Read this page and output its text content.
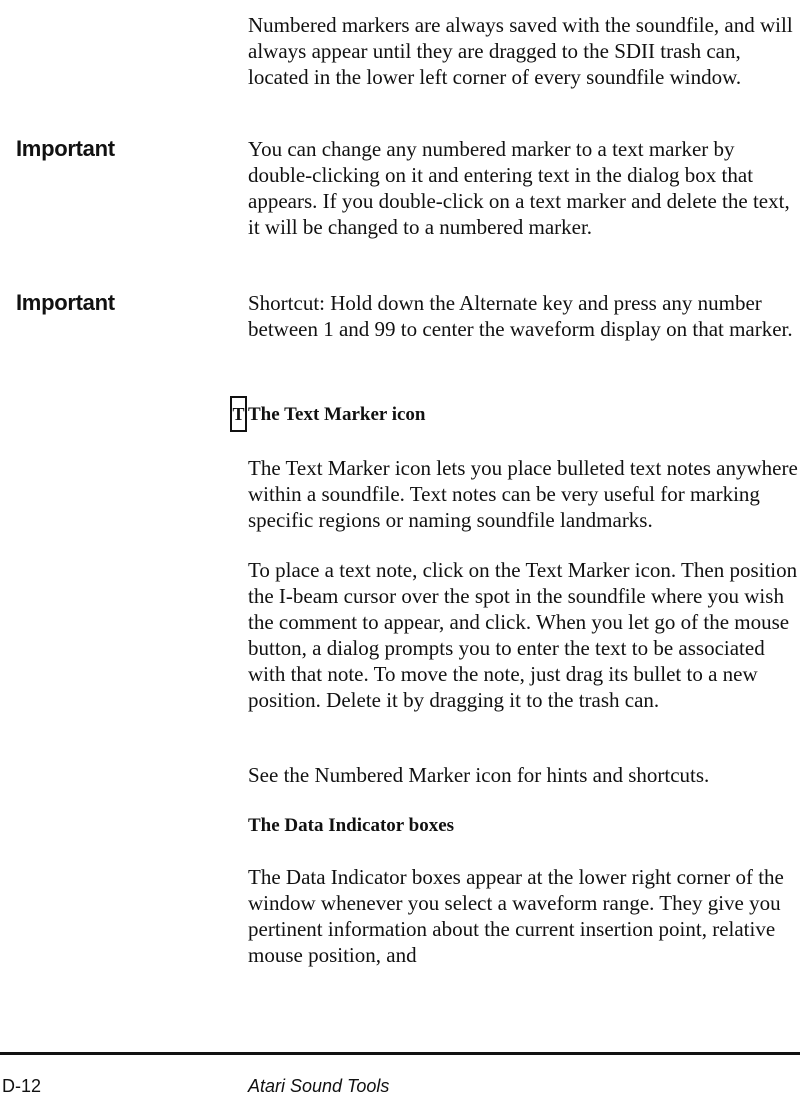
Numbered markers are always saved with the soundfile, and will always appear until they are dragged to the SDII trash can, located in the lower left corner of every soundfile window.

Important	You can change any numbered marker to a text marker by double-clicking on it and entering text in the dialog box that appears. If you double-click on a text marker and delete the text, it will be changed to a numbered marker.

Important	Shortcut: Hold down the Alternate key and press any number between 1 and 99 to center the waveform display on that marker.

T The Text Marker icon

The Text Marker icon lets you place bulleted text notes anywhere within a soundfile. Text notes can be very useful for marking specific regions or naming soundfile landmarks.

To place a text note, click on the Text Marker icon. Then position the I-beam cursor over the spot in the soundfile where you wish the comment to appear, and click. When you let go of the mouse button, a dialog prompts you to enter the text to be associated with that note. To move the note, just drag its bullet to a new position. Delete it by dragging it to the trash can.

See the Numbered Marker icon for hints and shortcuts.

The Data Indicator boxes

The Data Indicator boxes appear at the lower right corner of the window whenever you select a waveform range. They give you pertinent information about the current insertion point, relative mouse position, and

D-12	Atari Sound Tools
